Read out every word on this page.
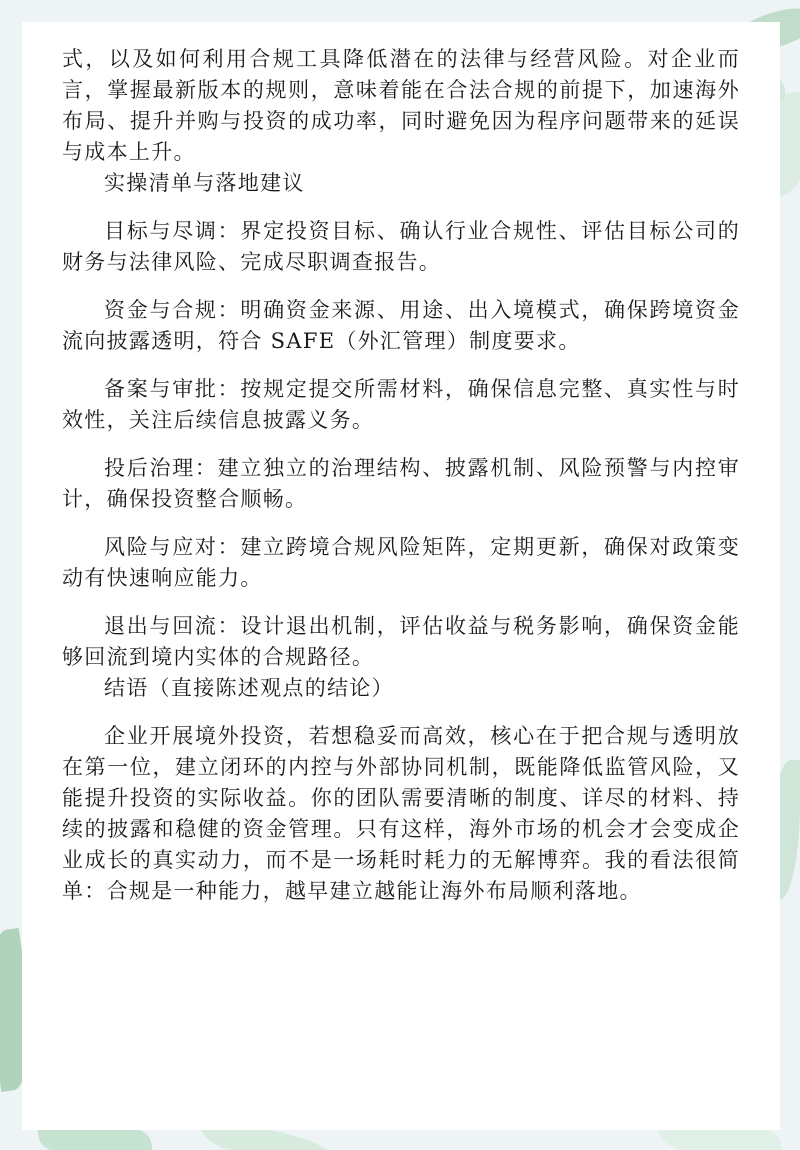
式，以及如何利用合规工具降低潜在的法律与经营风险。对企业而言，掌握最新版本的规则，意味着能在合法合规的前提下，加速海外布局、提升并购与投资的成功率，同时避免因为程序问题带来的延误与成本上升。

实操清单与落地建议

目标与尽调：界定投资目标、确认行业合规性、评估目标公司的财务与法律风险、完成尽职调查报告。

资金与合规：明确资金来源、用途、出入境模式，确保跨境资金流向披露透明，符合 SAFE（外汇管理）制度要求。

备案与审批：按规定提交所需材料，确保信息完整、真实性与时效性，关注后续信息披露义务。

投后治理：建立独立的治理结构、披露机制、风险预警与内控审计，确保投资整合顺畅。

风险与应对：建立跨境合规风险矩阵，定期更新，确保对政策变动有快速响应能力。

退出与回流：设计退出机制，评估收益与税务影响，确保资金能够回流到境内实体的合规路径。

结语（直接陈述观点的结论）

企业开展境外投资，若想稳妥而高效，核心在于把合规与透明放在第一位，建立闭环的内控与外部协同机制，既能降低监管风险，又能提升投资的实际收益。你的团队需要清晰的制度、详尽的材料、持续的披露和稳健的资金管理。只有这样，海外市场的机会才会变成企业成长的真实动力，而不是一场耗时耗力的无解博弈。我的看法很简单：合规是一种能力，越早建立越能让海外布局顺利落地。
